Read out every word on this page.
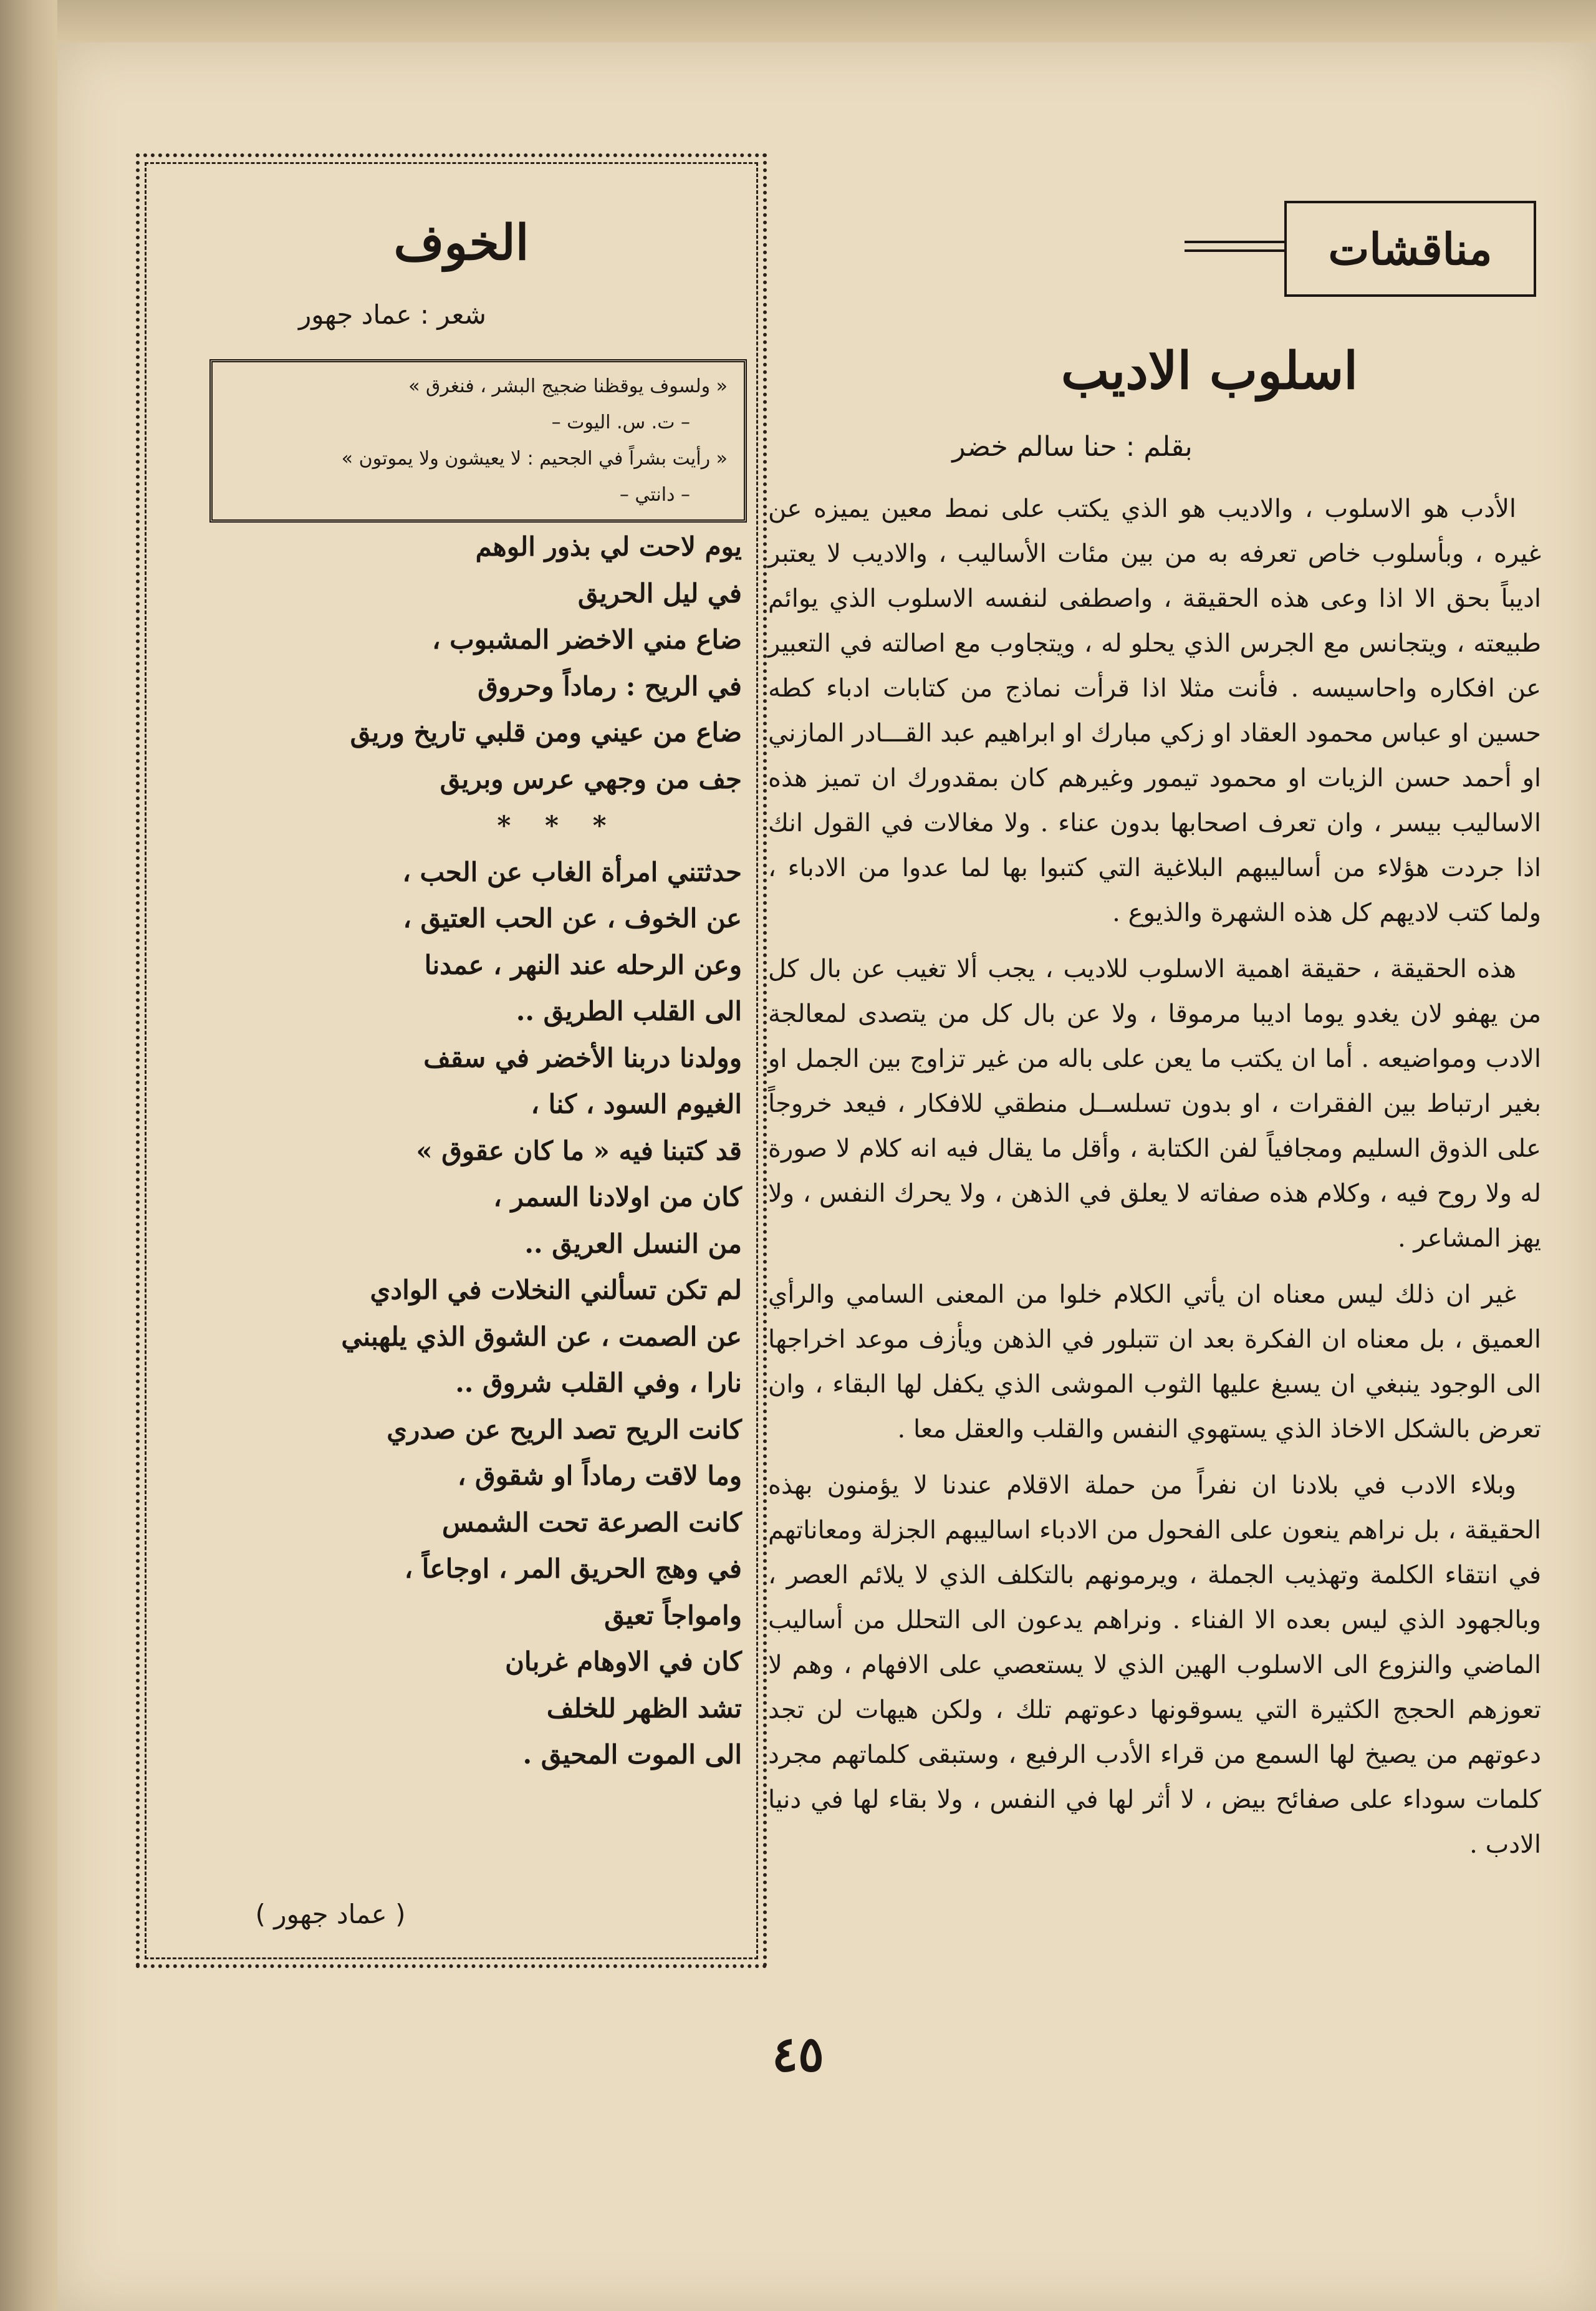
مناقشات
اسلوب الاديب
بقلم : حنا سالم خضر

الأدب هو الاسلوب ، والاديب هو الذي يكتب على نمط معين يميزه عن غيره ، وبأسلوب خاص تعرفه به من بين مئات الأساليب ، والاديب لا يعتبر اديباً بحق الا اذا وعى هذه الحقيقة ، واصطفى لنفسه الاسلوب الذي يوائم طبيعته ، ويتجانس مع الجرس الذي يحلو له ، ويتجاوب مع اصالته في التعبير عن افكاره واحاسيسه . فأنت مثلا اذا قرأت نماذج من كتابات ادباء كطه حسين او عباس محمود العقاد او زكي مبارك او ابراهيم عبد القـــادر المازني او أحمد حسن الزيات او محمود تيمور وغيرهم كان بمقدورك ان تميز هذه الاساليب بيسر ، وان تعرف اصحابها بدون عناء . ولا مغالات في القول انك اذا جردت هؤلاء من أساليبهم البلاغية التي كتبوا بها لما عدوا من الادباء ، ولما كتب لاديهم كل هذه الشهرة والذيوع .

هذه الحقيقة ، حقيقة اهمية الاسلوب للاديب ، يجب ألا تغيب عن بال كل من يهفو لان يغدو يوما اديبا مرموقا ، ولا عن بال كل من يتصدى لمعالجة الادب ومواضيعه . أما ان يكتب ما يعن على باله من غير تزاوج بين الجمل او بغير ارتباط بين الفقرات ، او بدون تسلســل منطقي للافكار ، فيعد خروجاً على الذوق السليم ومجافياً لفن الكتابة ، وأقل ما يقال فيه انه كلام لا صورة له ولا روح فيه ، وكلام هذه صفاته لا يعلق في الذهن ، ولا يحرك النفس ، ولا يهز المشاعر .

غير ان ذلك ليس معناه ان يأتي الكلام خلوا من المعنى السامي والرأي العميق ، بل معناه ان الفكرة بعد ان تتبلور في الذهن ويأزف موعد اخراجها الى الوجود ينبغي ان يسبغ عليها الثوب الموشى الذي يكفل لها البقاء ، وان تعرض بالشكل الاخاذ الذي يستهوي النفس والقلب والعقل معا .

وبلاء الادب في بلادنا ان نفراً من حملة الاقلام عندنا لا يؤمنون بهذه الحقيقة ، بل نراهم ينعون على الفحول من الادباء اساليبهم الجزلة ومعاناتهم في انتقاء الكلمة وتهذيب الجملة ، ويرمونهم بالتكلف الذي لا يلائم العصر ، وبالجهود الذي ليس بعده الا الفناء . ونراهم يدعون الى التحلل من أساليب الماضي والنزوع الى الاسلوب الهين الذي لا يستعصي على الافهام ، وهم لا تعوزهم الحجج الكثيرة التي يسوقونها دعوتهم تلك ، ولكن هيهات لن تجد دعوتهم من يصيخ لها السمع من قراء الأدب الرفيع ، وستبقى كلماتهم مجرد كلمات سوداء على صفائح بيض ، لا أثر لها في النفس ، ولا بقاء لها في دنيا الادب .

الخوف
شعر : عماد جهور
« ولسوف يوقظنا ضجيج البشر ، فنغرق »
– ت. س. اليوت –
« رأيت بشراً في الجحيم : لا يعيشون ولا يموتون »
– دانتي –
يوم لاحت لي بذور الوهم
في ليل الحريق
ضاع مني الاخضر المشبوب ،
في الريح : رماداً وحروق
ضاع من عيني ومن قلبي تاريخ وريق
جف من وجهي عرس وبريق
* * *
حدثتني امرأة الغاب عن الحب ،
عن الخوف ، عن الحب العتيق ،
وعن الرحله عند النهر ، عمدنا
الى القلب الطريق ..
وولدنا دربنا الأخضر في سقف
الغيوم السود ، كنا ،
قد كتبنا فيه « ما كان عقوق »
كان من اولادنا السمر ،
من النسل العريق ..
لم تكن تسألني النخلات في الوادي
عن الصمت ، عن الشوق الذي يلهبني
نارا ، وفي القلب شروق ..
كانت الريح تصد الريح عن صدري
وما لاقت رماداً او شقوق ،
كانت الصرعة تحت الشمس
في وهج الحريق المر ، اوجاعاً ،
وامواجاً تعيق
كان في الاوهام غربان
تشد الظهر للخلف
الى الموت المحيق .
( عماد جهور )
٤٥
